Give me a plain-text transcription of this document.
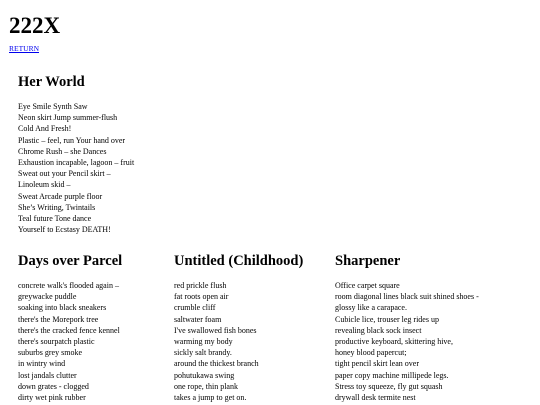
222X
RETURN
Her World
Eye Smile Synth Saw
Neon skirt Jump summer-flush
Cold And Fresh!
Plastic – feel, run Your hand over
Chrome Rush – she Dances
Exhaustion incapable, lagoon – fruit
Sweat out your Pencil skirt –
Linoleum skid –
Sweat Arcade purple floor
She’s Writing, Twintails
Teal future Tone dance
Yourself to Ecstasy DEATH!
Days over Parcel
concrete walk's flooded again –
greywacke puddle
soaking into black sneakers
there's the Morepork tree
there's the cracked fence kennel
there's sourpatch plastic
suburbs grey smoke
in wintry wind
lost jandals clutter
down grates - clogged
dirty wet pink rubber
Untitled (Childhood)
red prickle flush
fat roots open air
crumble cliff
saltwater foam
I've swallowed fish bones
warming my body
sickly salt brandy.
around the thickest branch
pohutukawa swing
one rope, thin plank
takes a jump to get on.
Sharpener
Office carpet square
room diagonal lines black suit shined shoes -
glossy like a carapace.
Cubicle lice, trouser leg rides up
revealing black sock insect
productive keyboard, skittering hive,
honey blood papercut;
tight pencil skirt lean over
paper copy machine millipede legs.
Stress toy squeeze, fly gut squash
drywall desk termite nest
